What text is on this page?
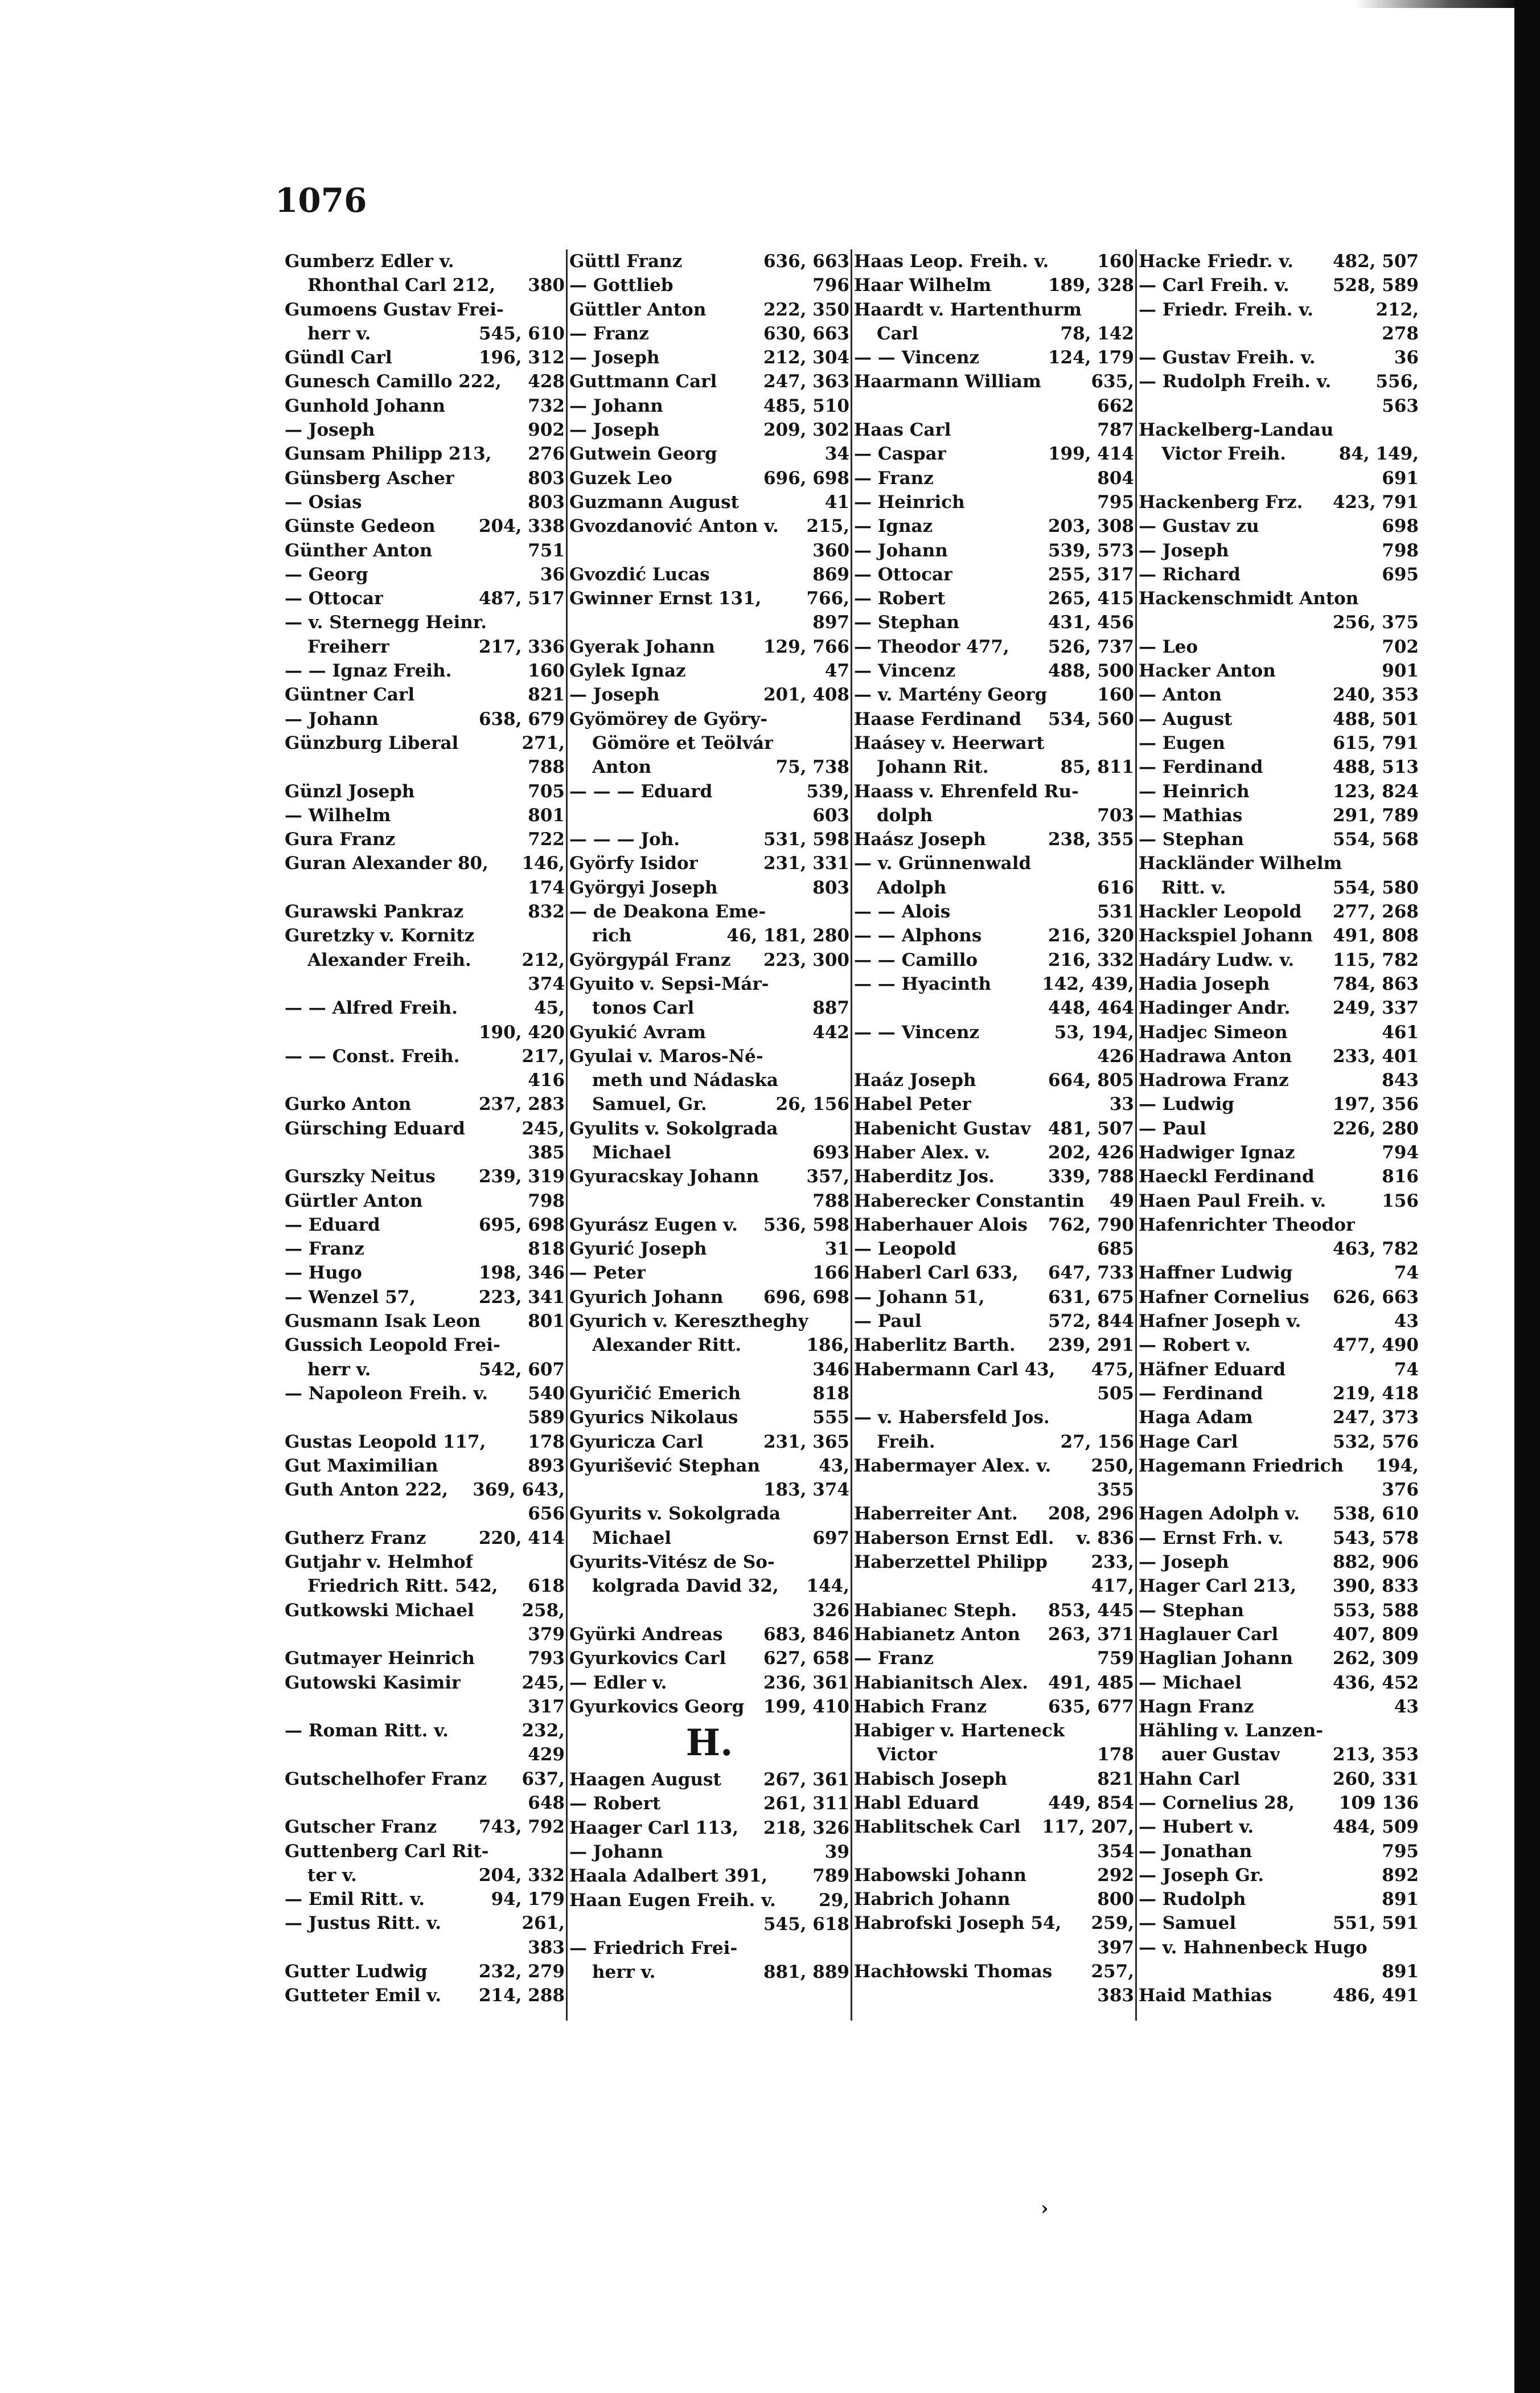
1076
Gumberz Edler v.
Rhonthal Carl 212, 380
Gumoens Gustav Frei-
herr v.	545, 610
Gündl Carl	196, 312
Gunesch Camillo 222, 428
Gunhold Johann	732
— Joseph	902
Gunsam Philipp 213, 276
Günsberg Ascher	803
— Osias	803
Günste Gedeon 204, 338
Günther Anton	751
— Georg	36
— Ottocar	487, 517
— v. Sternegg Heinr.
Freiherr	217, 336
— — Ignaz Freih.	160
Güntner Carl	821
— Johann	638, 679
Günzburg Liberal	271,
788
Günzl Joseph	705
— Wilhelm	801
Gura Franz	722
Guran Alexander 80, 146,
174
Gurawski Pankraz	832
Guretzky v. Kornitz
Alexander Freih.	212,
374
— — Alfred Freih.	45,
190, 420
— — Const. Freih.	217,
416
Gurko Anton	237, 283
Gürsching Eduard	245,
385
Gurszky Neitus 239, 319
Gürtler Anton	798
— Eduard	695, 698
— Franz	818
— Hugo	198, 346
— Wenzel 57,	223, 341
Gusmann Isak Leon	801
Gussich Leopold Frei-
herr v.	542, 607
— Napoleon Freih. v. 540
589
Gustas Leopold 117, 178
Gut Maximilian	893
Guth Anton 222, 369, 643,
656
Gutherz Franz	220, 414
Gutjahr v. Helmhof
Friedrich Ritt. 542, 618
Gutkowski Michael	258,
379
Gutmayer Heinrich	793
Gutowski Kasimir	245,
317
— Roman Ritt. v.	232,
429
Gutschelhofer Franz 637,
648
Gutscher Franz 743, 792
Guttenberg Carl Rit-
ter v.	204, 332
— Emil Ritt. v.	94, 179
— Justus Ritt. v.	261,
383
Gutter Ludwig	232, 279
Gutteter Emil v. 214, 288
Güttl Franz	636, 663
— Gottlieb	796
Güttler Anton	222, 350
— Franz	630, 663
— Joseph	212, 304
Guttmann Carl	247, 363
— Johann	485, 510
— Joseph	209, 302
Gutwein Georg	34
Guzek Leo	696, 698
Guzmann August	41
Gvozdanović Anton v. 215,
360
Gvozdić Lucas	869
Gwinner Ernst 131,	766,
897
Gyerak Johann	129, 766
Gylek Ignaz	47
— Joseph	201, 408
Gyömörey de Györy-
Gömöre et Teölvár
Anton	75, 738
— — — Eduard	539,
603
— — — Joh.	531, 598
Györfy Isidor	231, 331
Györgyi Joseph	803
— de Deakona Eme-
rich	46, 181, 280
Györgypál Franz 223, 300
Gyuito v. Sepsi-Már-
tonos Carl	887
Gyukić Avram	442
Gyulai v. Maros-Né-
meth und Nádaska
Samuel, Gr.	26, 156
Gyulits v. Sokolgrada
Michael	693
Gyuracskay Johann	357,
788
Gyurász Eugen v. 536, 598
Gyurić Joseph	31
— Peter	166
Gyurich Johann 696, 698
Gyurich v. Keresztheghy
Alexander Ritt.	186,
346
Gyuričić Emerich	818
Gyurics Nikolaus	555
Gyuricza Carl	231, 365
Gyurišević Stephan	43,
183, 374
Gyurits v. Sokolgrada
Michael	697
Gyurits-Vitész de So-
kolgrada David 32, 144,
326
Gyürki Andreas 683, 846
Gyurkovics Carl 627, 658
— Edler v.	236, 361
Gyurkovics Georg 199, 410
H.
Haagen August 267, 361
— Robert	261, 311
Haager Carl 113, 218, 326
— Johann	39
Haala Adalbert 391,	789
Haan Eugen Freih. v. 29,
545, 618
— Friedrich Frei-
herr v.	881, 889
Haas Leop. Freih. v.	160
Haar Wilhelm	189, 328
Haardt v. Hartenthurm
Carl	78, 142
— — Vincenz	124, 179
Haarmann William	635,
662
Haas Carl	787
— Caspar	199, 414
— Franz	804
— Heinrich	795
— Ignaz	203, 308
— Johann	539, 573
— Ottocar	255, 317
— Robert	265, 415
— Stephan	431, 456
— Theodor 477, 526, 737
— Vincenz	488, 500
— v. Martény Georg	160
Haase Ferdinand 534, 560
Haásey v. Heerwart
Johann Rit.	85, 811
Haass v. Ehrenfeld Ru-
dolph	703
Haász Joseph	238, 355
— v. Grünnenwald
Adolph	616
— — Alois	531
— — Alphons	216, 320
— — Camillo	216, 332
— — Hyacinth	142, 439,
448, 464
— — Vincenz	53, 194,
426
Haáz Joseph	664, 805
Habel Peter	33
Habenicht Gustav 481, 507
Haber Alex. v.	202, 426
Haberditz Jos.	339, 788
Haberecker Constantin 49
Haberhauer Alois 762, 790
— Leopold	685
Haberl Carl 633, 647, 733
— Johann 51,	631, 675
— Paul	572, 844
Haberlitz Barth. 239, 291
Habermann Carl 43, 475,
505
— v. Habersfeld Jos.
Freih.	27, 156
Habermayer Alex. v. 250,
355
Haberreiter Ant. 208, 296
Haberson Ernst Edl. v. 836
Haberzettel Philipp 233,
417,
Habianec Steph. 853, 445
Habianetz Anton 263, 371
— Franz	759
Habianitsch Alex. 491, 485
Habich Franz	635, 677
Habiger v. Harteneck
Victor	178
Habisch Joseph	821
Habl Eduard	449, 854
Hablitschek Carl 117, 207,
354
Habowski Johann	292
Habrich Johann	800
Habrofski Joseph 54, 259,
397
Hachłowski Thomas 257,
383
Hacke Friedr. v. 482, 507
— Carl Freih. v. 528, 589
— Friedr. Freih. v.	212,
278
— Gustav Freih. v.	36
— Rudolph Freih. v.	556,
563
Hackelberg-Landau
Victor Freih.	84, 149,
691
Hackenberg Frz. 423, 791
— Gustav zu	698
— Joseph	798
— Richard	695
Hackenschmidt Anton
256, 375
— Leo	702
Hacker Anton	901
— Anton	240, 353
— August	488, 501
— Eugen	615, 791
— Ferdinand	488, 513
— Heinrich	123, 824
— Mathias	291, 789
— Stephan	554, 568
Hackländer Wilhelm
Ritt. v.	554, 580
Hackler Leopold 277, 268
Hackspiel Johann 491, 808
Hadáry Ludw. v. 115, 782
Hadia Joseph	784, 863
Hadinger Andr. 249, 337
Hadjec Simeon	461
Hadrawa Anton 233, 401
Hadrowa Franz	843
— Ludwig	197, 356
— Paul	226, 280
Hadwiger Ignaz	794
Haeckl Ferdinand	816
Haen Paul Freih. v.	156
Hafenrichter Theodor
463, 782
Haffner Ludwig	74
Hafner Cornelius 626, 663
Hafner Joseph v.	43
— Robert v.	477, 490
Häfner Eduard	74
— Ferdinand	219, 418
Haga Adam	247, 373
Hage Carl	532, 576
Hagemann Friedrich 194,
376
Hagen Adolph v. 538, 610
— Ernst Frh. v.	543, 578
— Joseph	882, 906
Hager Carl 213, 390, 833
— Stephan	553, 588
Haglauer Carl	407, 809
Haglian Johann 262, 309
— Michael	436, 452
Hagn Franz	43
Hähling v. Lanzen-
auer Gustav	213, 353
Hahn Carl	260, 331
— Cornelius 28,	109 136
— Hubert v.	484, 509
— Jonathan	795
— Joseph Gr.	892
— Rudolph	891
— Samuel	551, 591
— v. Hahnenbeck Hugo
891
Haid Mathias	486, 491
›
